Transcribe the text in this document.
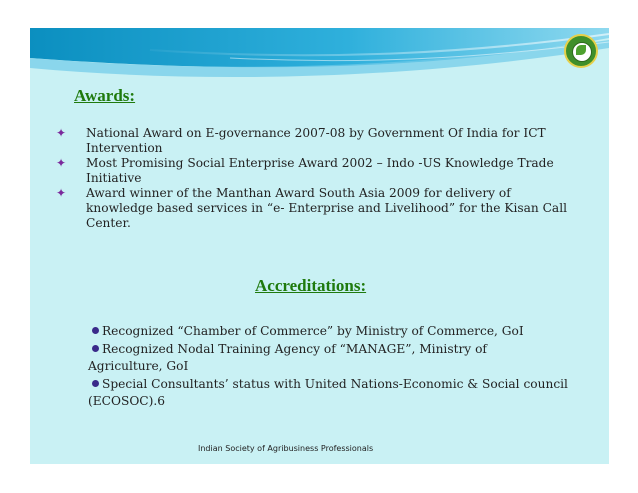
Awards:
✦ National Award on E-governance 2007-08 by Government Of India for ICT
Intervention
✦ Most Promising Social Enterprise Award 2002 – Indo -US Knowledge Trade
Initiative
✦ Award winner of the Manthan Award South Asia 2009 for delivery of
knowledge based services in “e- Enterprise and Livelihood” for the Kisan Call
Center.
Accreditations:
Recognized “Chamber of Commerce” by Ministry of Commerce, GoI
Recognized Nodal Training Agency of “MANAGE”, Ministry of
Agriculture, GoI
Special Consultants’ status with United Nations-Economic & Social council
(ECOSOC).6
Indian Society of Agribusiness Professionals
